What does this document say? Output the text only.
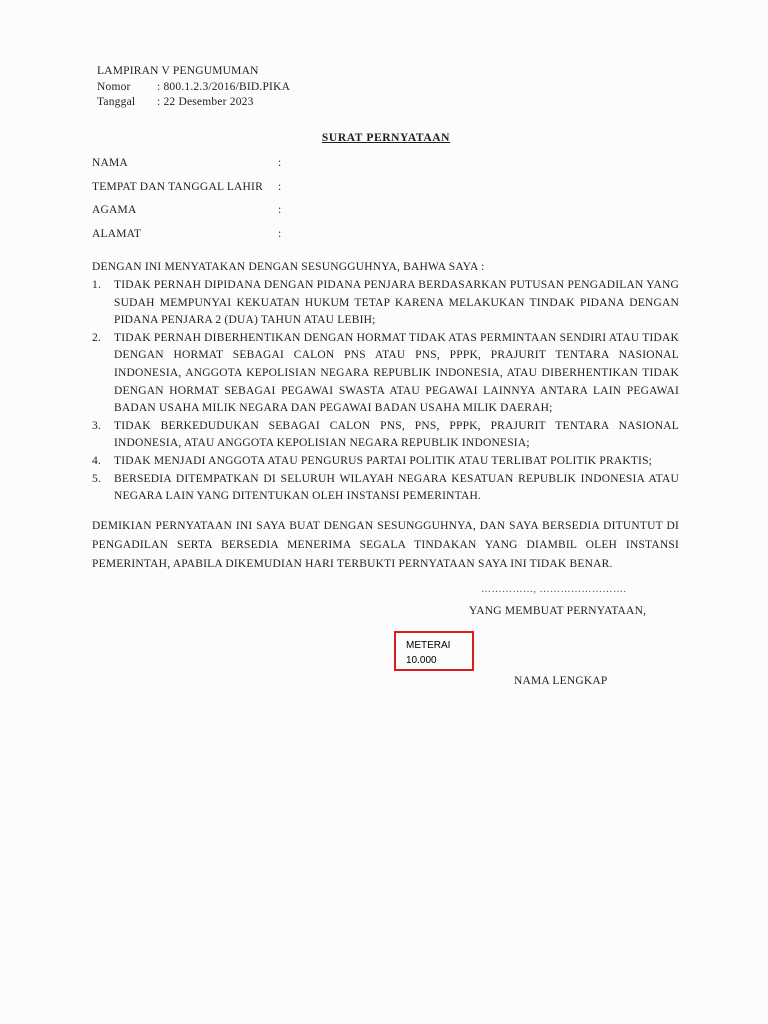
LAMPIRAN V PENGUMUMAN
Nomor	: 800.1.2.3/2016/BID.PIKA
Tanggal	: 22 Desember 2023
SURAT PERNYATAAN
NAMA	:
TEMPAT DAN TANGGAL LAHIR	:
AGAMA	:
ALAMAT	:
DENGAN INI MENYATAKAN DENGAN SESUNGGUHNYA, BAHWA SAYA :
1.	TIDAK PERNAH DIPIDANA DENGAN PIDANA PENJARA BERDASARKAN PUTUSAN PENGADILAN YANG SUDAH MEMPUNYAI KEKUATAN HUKUM TETAP KARENA MELAKUKAN TINDAK PIDANA DENGAN PIDANA PENJARA 2 (DUA) TAHUN ATAU LEBIH;
2.	TIDAK PERNAH DIBERHENTIKAN DENGAN HORMAT TIDAK ATAS PERMINTAAN SENDIRI ATAU TIDAK DENGAN HORMAT SEBAGAI CALON PNS ATAU PNS, PPPK, PRAJURIT TENTARA NASIONAL INDONESIA, ANGGOTA KEPOLISIAN NEGARA REPUBLIK INDONESIA, ATAU DIBERHENTIKAN TIDAK DENGAN HORMAT SEBAGAI PEGAWAI SWASTA ATAU PEGAWAI LAINNYA ANTARA LAIN PEGAWAI BADAN USAHA MILIK NEGARA DAN PEGAWAI BADAN USAHA MILIK DAERAH;
3.	TIDAK BERKEDUDUKAN SEBAGAI CALON PNS, PNS, PPPK, PRAJURIT TENTARA NASIONAL INDONESIA, ATAU ANGGOTA KEPOLISIAN NEGARA REPUBLIK INDONESIA;
4.	TIDAK MENJADI ANGGOTA ATAU PENGURUS PARTAI POLITIK ATAU TERLIBAT POLITIK PRAKTIS;
5.	BERSEDIA DITEMPATKAN DI SELURUH WILAYAH NEGARA KESATUAN REPUBLIK INDONESIA ATAU NEGARA LAIN YANG DITENTUKAN OLEH INSTANSI PEMERINTAH.
DEMIKIAN PERNYATAAN INI SAYA BUAT DENGAN SESUNGGUHNYA, DAN SAYA BERSEDIA DITUNTUT DI PENGADILAN SERTA BERSEDIA MENERIMA SEGALA TINDAKAN YANG DIAMBIL OLEH INSTANSI PEMERINTAH, APABILA DIKEMUDIAN HARI TERBUKTI PERNYATAAN SAYA INI TIDAK BENAR.
……………, …………………….
YANG MEMBUAT PERNYATAAN,
METERAI
10.000
NAMA LENGKAP
